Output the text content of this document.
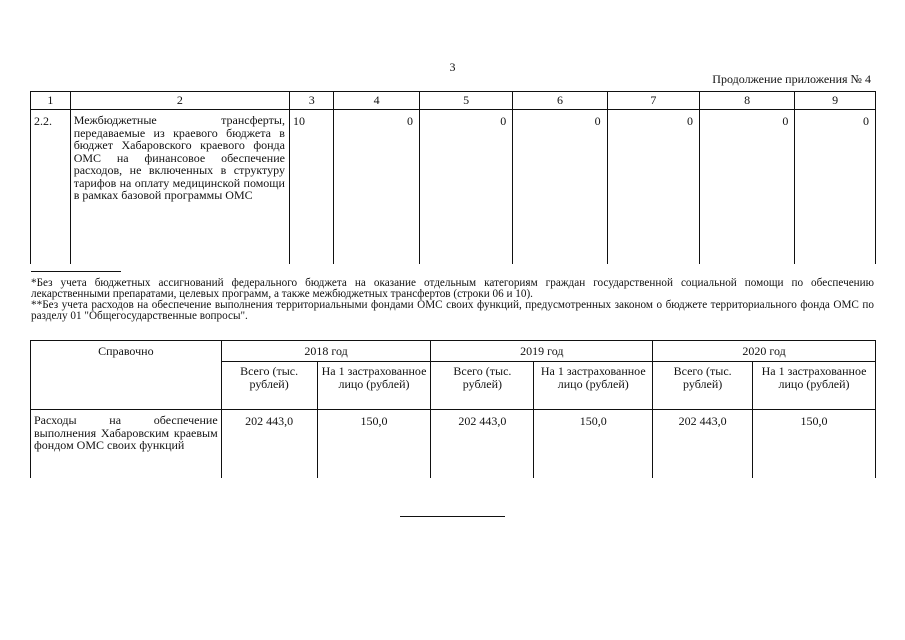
3
Продолжение приложения № 4
1	2	3	4	5	6	7	8	9
2.2.	Межбюджетные трансферты, передаваемые из краевого бюджета в бюджет Хабаровского краевого фонда ОМС на финансовое обеспечение расходов, не включенных в структуру тарифов на оплату медицинской помощи в рамках базовой программы ОМС	10	0	0	0	0	0	0
*Без учета бюджетных ассигнований федерального бюджета на оказание отдельным категориям граждан государственной социальной помощи по обеспечению лекарственными препаратами, целевых программ, а также межбюджетных трансфертов (строки 06 и 10).
**Без учета расходов на обеспечение выполнения территориальными фондами ОМС своих функций, предусмотренных законом о бюджете территориального фонда ОМС по разделу 01 "Общегосударственные вопросы".
Справочно	2018 год		2019 год		2020 год	
	Всего (тыс. рублей)	На 1 застрахованное лицо (рублей)	Всего (тыс. рублей)	На 1 застрахованное лицо (рублей)	Всего (тыс. рублей)	На 1 застрахованное лицо (рублей)
Расходы на обеспечение выполнения Хабаровским краевым фондом ОМС своих функций	202 443,0	150,0	202 443,0	150,0	202 443,0	150,0
